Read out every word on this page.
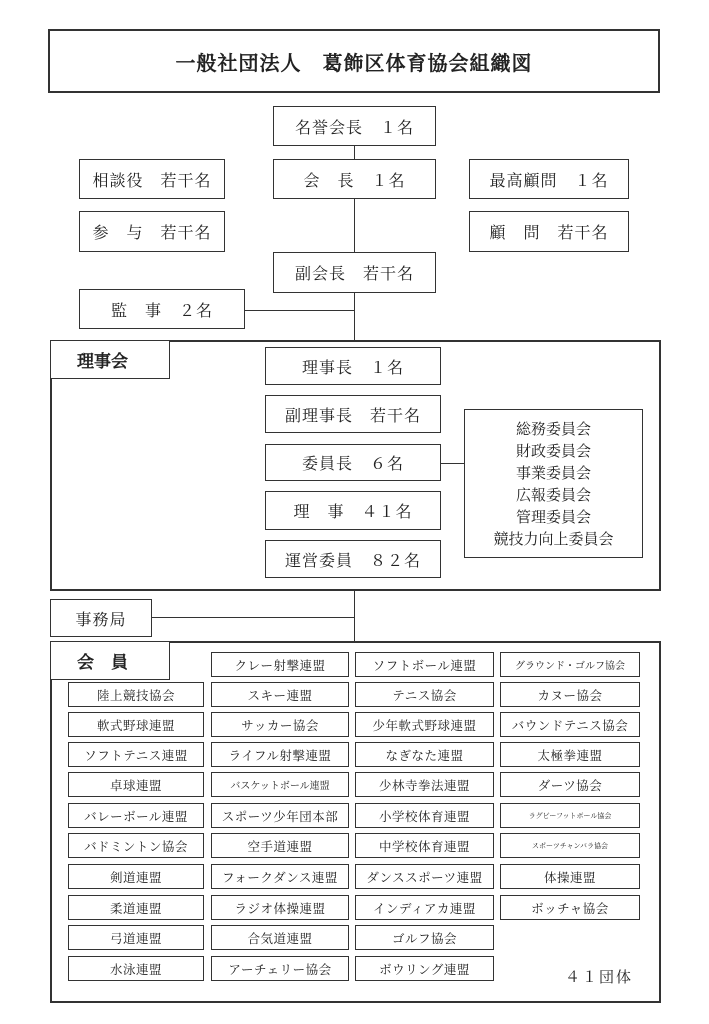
一般社団法人　葛飾区体育協会組織図
名誉会長　１名
会　長　１名
副会長　若干名
相談役　若干名
参　与　若干名
最高顧問　１名
顧　問　若干名
監　事　２名
理事会	理事長　１名
副理事長　若干名
委員長　６名
理　事　４１名
運営委員　８２名
総務委員会
財政委員会
事業委員会
広報委員会
管理委員会
競技力向上委員会
事務局
会　員
陸上競技協会
軟式野球連盟
ソフトテニス連盟
卓球連盟
バレーボール連盟
バドミントン協会
剣道連盟
柔道連盟
弓道連盟
水泳連盟
クレー射撃連盟
スキー連盟
サッカー協会
ライフル射撃連盟
バスケットボール連盟
スポーツ少年団本部
空手道連盟
フォークダンス連盟
ラジオ体操連盟
合気道連盟
アーチェリー協会
ソフトボール連盟
テニス協会
少年軟式野球連盟
なぎなた連盟
少林寺拳法連盟
小学校体育連盟
中学校体育連盟
ダンススポーツ連盟
インディアカ連盟
ゴルフ協会
ボウリング連盟
グラウンド・ゴルフ協会
カヌー協会
バウンドテニス協会
太極拳連盟
ダーツ協会
ラグビーフットボール協会
スポーツチャンバラ協会
体操連盟
ボッチャ協会
４１団体
